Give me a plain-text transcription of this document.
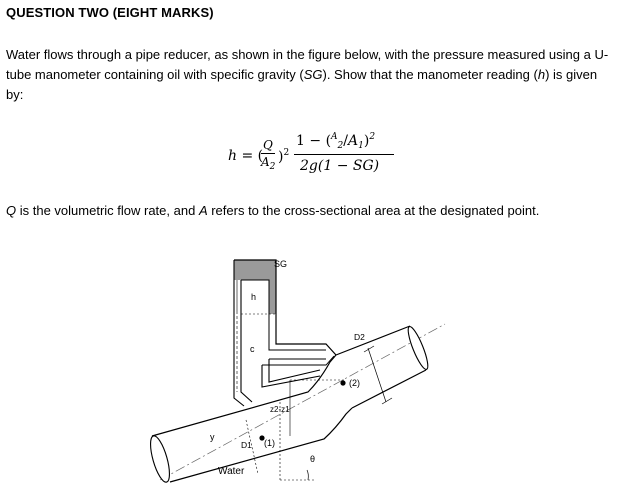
QUESTION TWO (EIGHT MARKS)

Water flows through a pipe reducer, as shown in the figure below, with the pressure measured using a U-tube manometer containing oil with specific gravity (SG). Show that the manometer reading (h) is given by:

h = (
Q
$A_2$
)$^2$
$1 - (^A_2/A_1)^2$
2g(1 − SG)

Q is the volumetric flow rate, and A refers to the cross-sectional area at the designated point.

SG
h
c
D2
(2)
z2-z1
y
D1 (1)
θ
Water
